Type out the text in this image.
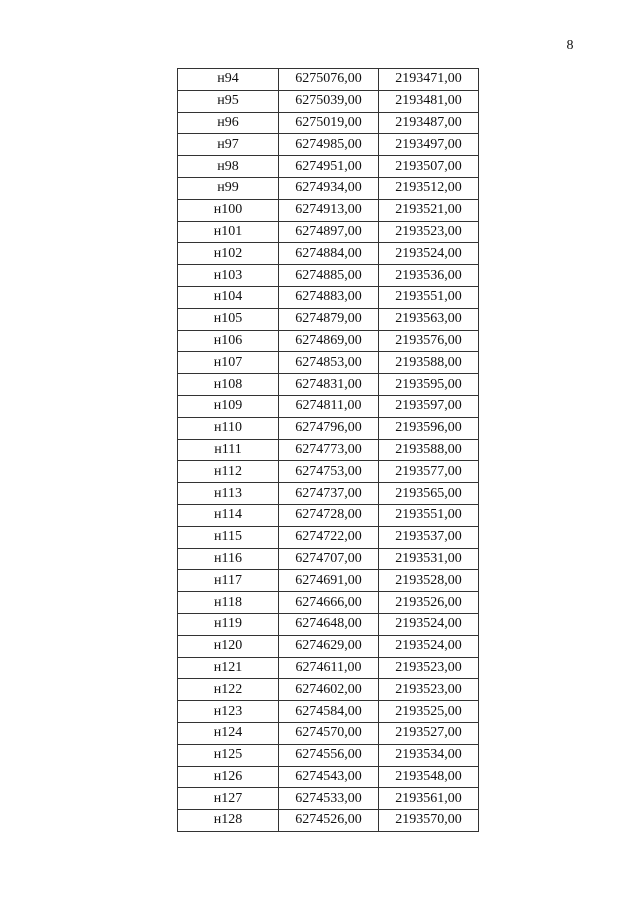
8
н94	6275076,00	2193471,00
н95	6275039,00	2193481,00
н96	6275019,00	2193487,00
н97	6274985,00	2193497,00
н98	6274951,00	2193507,00
н99	6274934,00	2193512,00
н100	6274913,00	2193521,00
н101	6274897,00	2193523,00
н102	6274884,00	2193524,00
н103	6274885,00	2193536,00
н104	6274883,00	2193551,00
н105	6274879,00	2193563,00
н106	6274869,00	2193576,00
н107	6274853,00	2193588,00
н108	6274831,00	2193595,00
н109	6274811,00	2193597,00
н110	6274796,00	2193596,00
н111	6274773,00	2193588,00
н112	6274753,00	2193577,00
н113	6274737,00	2193565,00
н114	6274728,00	2193551,00
н115	6274722,00	2193537,00
н116	6274707,00	2193531,00
н117	6274691,00	2193528,00
н118	6274666,00	2193526,00
н119	6274648,00	2193524,00
н120	6274629,00	2193524,00
н121	6274611,00	2193523,00
н122	6274602,00	2193523,00
н123	6274584,00	2193525,00
н124	6274570,00	2193527,00
н125	6274556,00	2193534,00
н126	6274543,00	2193548,00
н127	6274533,00	2193561,00
н128	6274526,00	2193570,00
